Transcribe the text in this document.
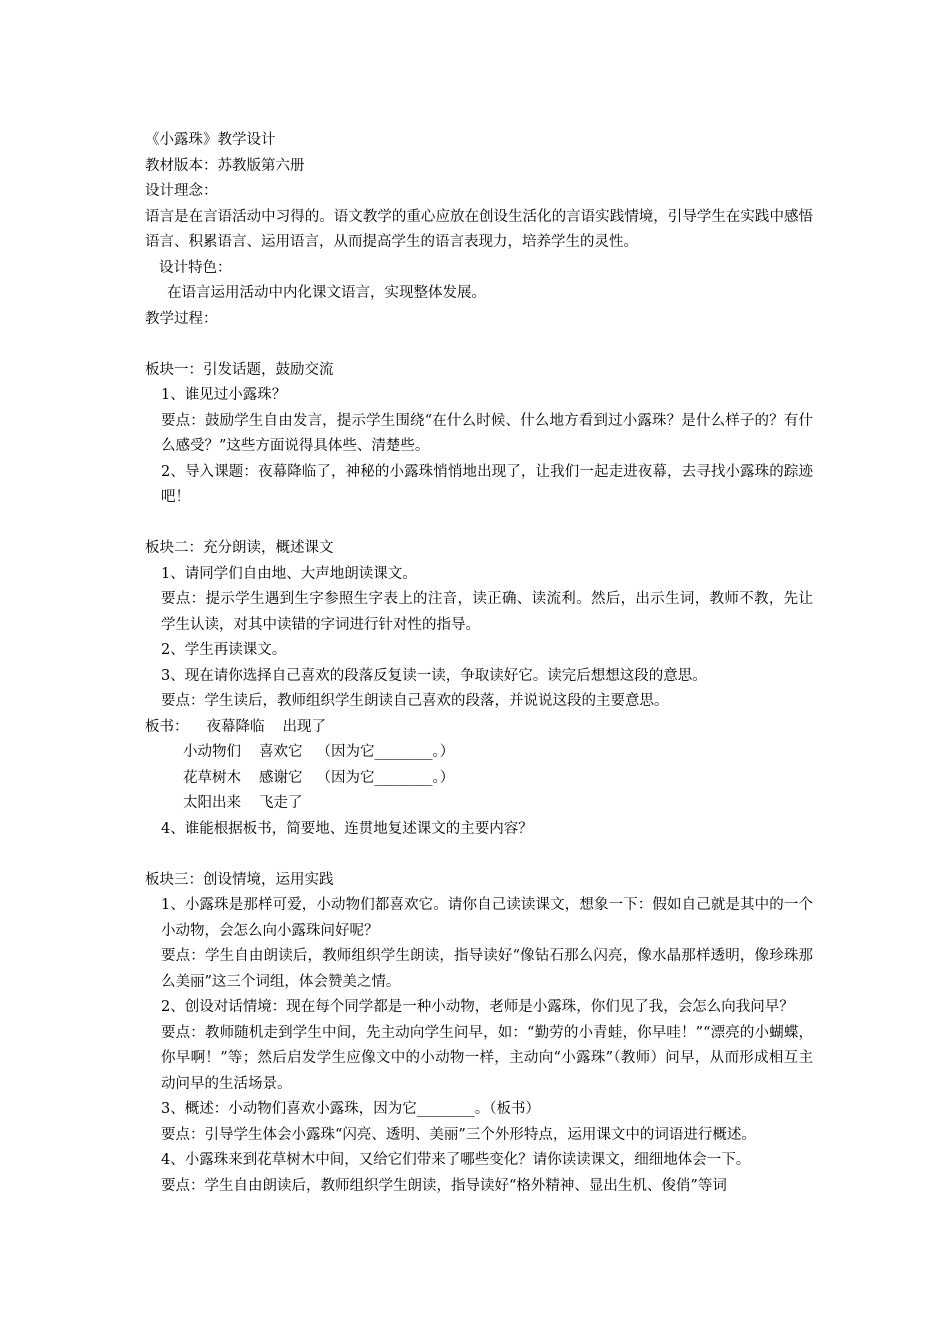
《小露珠》教学设计

教材版本：苏教版第六册

设计理念：

语言是在言语活动中习得的。语文教学的重心应放在创设生活化的言语实践情境，引导学生在实践中感悟语言、积累语言、运用语言，从而提高学生的语言表现力，培养学生的灵性。

设计特色：

在语言运用活动中内化课文语言，实现整体发展。

教学过程：

板块一：引发话题，鼓励交流

1、谁见过小露珠？

要点：鼓励学生自由发言，提示学生围绕“在什么时候、什么地方看到过小露珠？是什么样子的？有什么感受？”这些方面说得具体些、清楚些。

2、导入课题：夜幕降临了，神秘的小露珠悄悄地出现了，让我们一起走进夜幕，去寻找小露珠的踪迹吧！

板块二：充分朗读，概述课文

1、请同学们自由地、大声地朗读课文。

要点：提示学生遇到生字参照生字表上的注音，读正确、读流利。然后，出示生词，教师不教，先让学生认读，对其中读错的字词进行针对性的指导。

2、学生再读课文。

3、现在请你选择自己喜欢的段落反复读一读，争取读好它。读完后想想这段的意思。

要点：学生读后，教师组织学生朗读自己喜欢的段落，并说说这段的主要意思。

板书： 夜幕降临 出现了
小动物们 喜欢它 （因为它________。）
花草树木 感谢它 （因为它________。）
太阳出来 飞走了

4、谁能根据板书，简要地、连贯地复述课文的主要内容？

板块三：创设情境，运用实践

1、小露珠是那样可爱，小动物们都喜欢它。请你自己读读课文，想象一下：假如自己就是其中的一个小动物，会怎么向小露珠问好呢？

要点：学生自由朗读后，教师组织学生朗读，指导读好“像钻石那么闪亮，像水晶那样透明，像珍珠那么美丽”这三个词组，体会赞美之情。

2、创设对话情境：现在每个同学都是一种小动物，老师是小露珠，你们见了我，会怎么向我问早？

要点：教师随机走到学生中间，先主动向学生问早，如：“勤劳的小青蛙，你早哇！”“漂亮的小蝴蝶，你早啊！”等；然后启发学生应像文中的小动物一样，主动向“小露珠”（教师）问早，从而形成相互主动问早的生活场景。

3、概述：小动物们喜欢小露珠，因为它________。（板书）

要点：引导学生体会小露珠“闪亮、透明、美丽”三个外形特点，运用课文中的词语进行概述。

4、小露珠来到花草树木中间，又给它们带来了哪些变化？请你读读课文，细细地体会一下。

要点：学生自由朗读后，教师组织学生朗读，指导读好“格外精神、显出生机、俊俏”等词
